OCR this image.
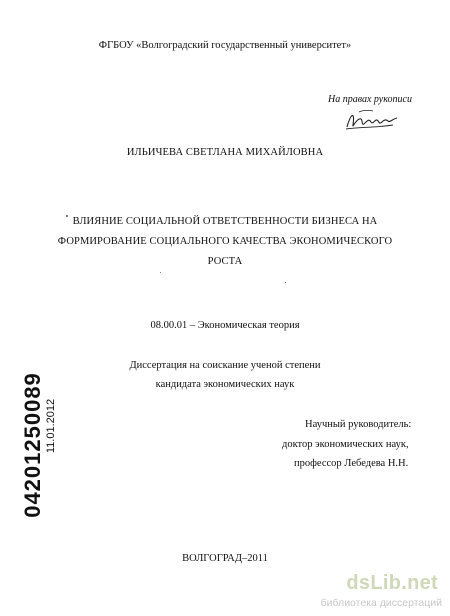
ФГБОУ «Волгоградский государственный университет»
На правах рукописи
ИЛЬИЧЕВА СВЕТЛАНА МИХАЙЛОВНА
ВЛИЯНИЕ СОЦИАЛЬНОЙ ОТВЕТСТВЕННОСТИ БИЗНЕСА НА
ФОРМИРОВАНИЕ СОЦИАЛЬНОГО КАЧЕСТВА ЭКОНОМИЧЕСКОГО
РОСТА
08.00.01 – Экономическая теория
Диссертация на соискание ученой степени
кандидата экономических наук
Научный руководитель:
доктор экономических наук,
профессор Лебедева Н.Н.
ВОЛГОГРАД–2011
04201250089 11.01.2012
dsLib.net
библиотека диссертаций
